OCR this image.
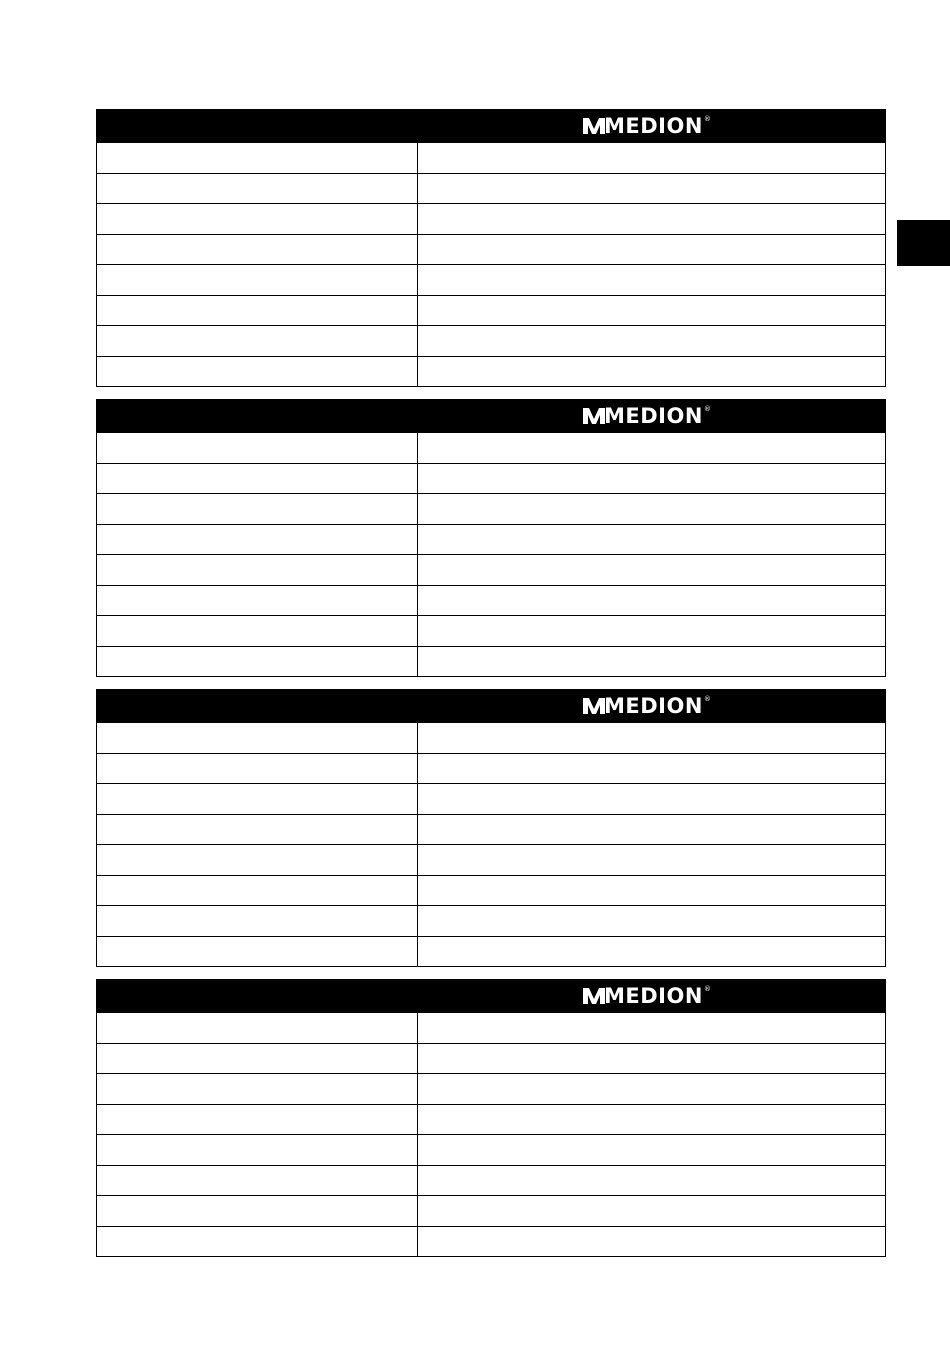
MEDION ®
MEDION ®
MEDION ®
MEDION ®
